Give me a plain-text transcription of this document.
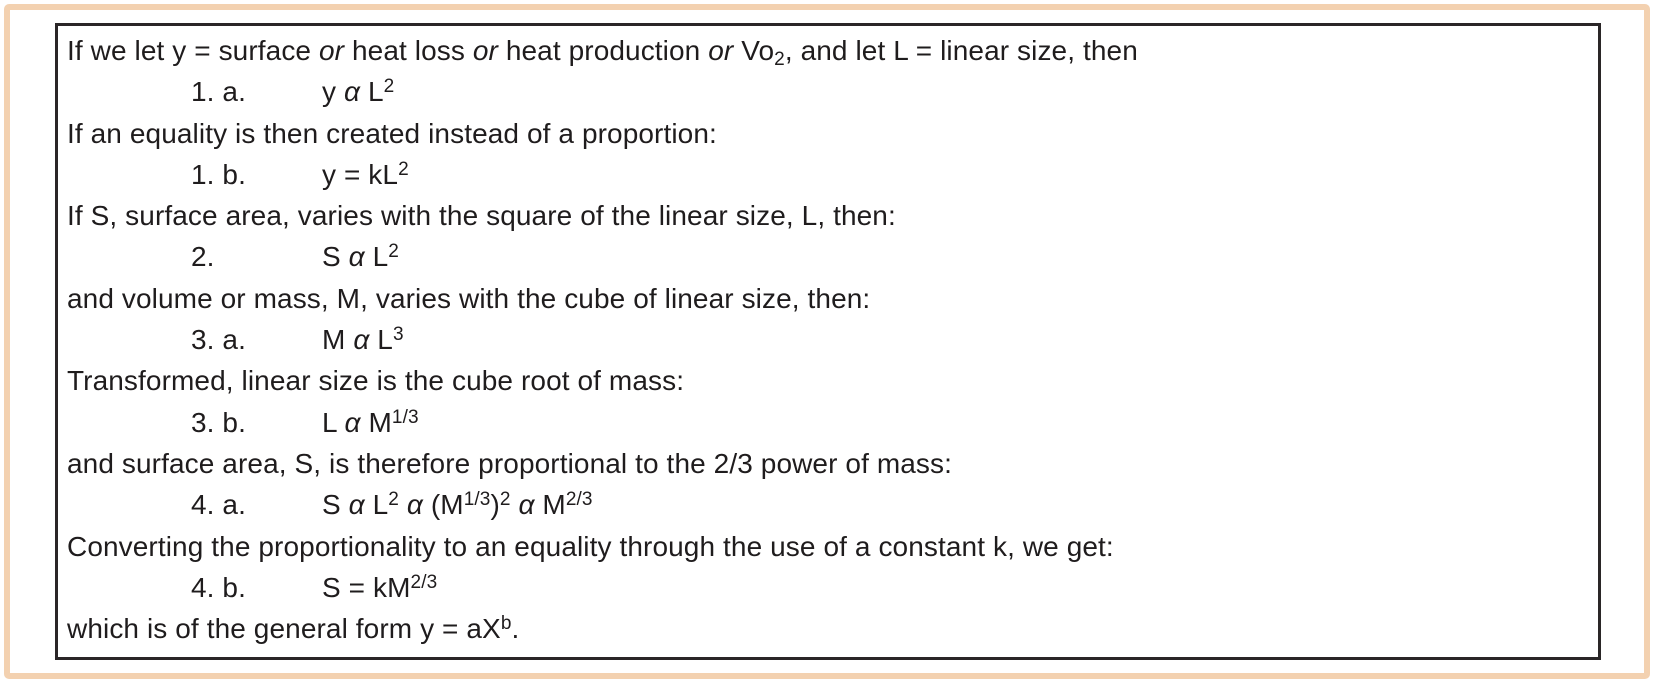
If we let y = surface or heat loss or heat production or $Vo_2$, and let L = linear size, then
1. a.	y α $L^2$
If an equality is then created instead of a proportion:
1. b.	$y = kL^2$
If S, surface area, varies with the square of the linear size, L, then:
2.	S α $L^2$
and volume or mass, M, varies with the cube of linear size, then:
3. a.	M α $L^3$
Transformed, linear size is the cube root of mass:
3. b.	L α $M^{1/3}$
and surface area, S, is therefore proportional to the 2/3 power of mass:
4. a.	S α $L^2$ α $(M^{1/3})^2$ α $M^{2/3}$
Converting the proportionality to an equality through the use of a constant k, we get:
4. b.	$S = kM^{2/3}$
which is of the general form $y = aX^b$.
